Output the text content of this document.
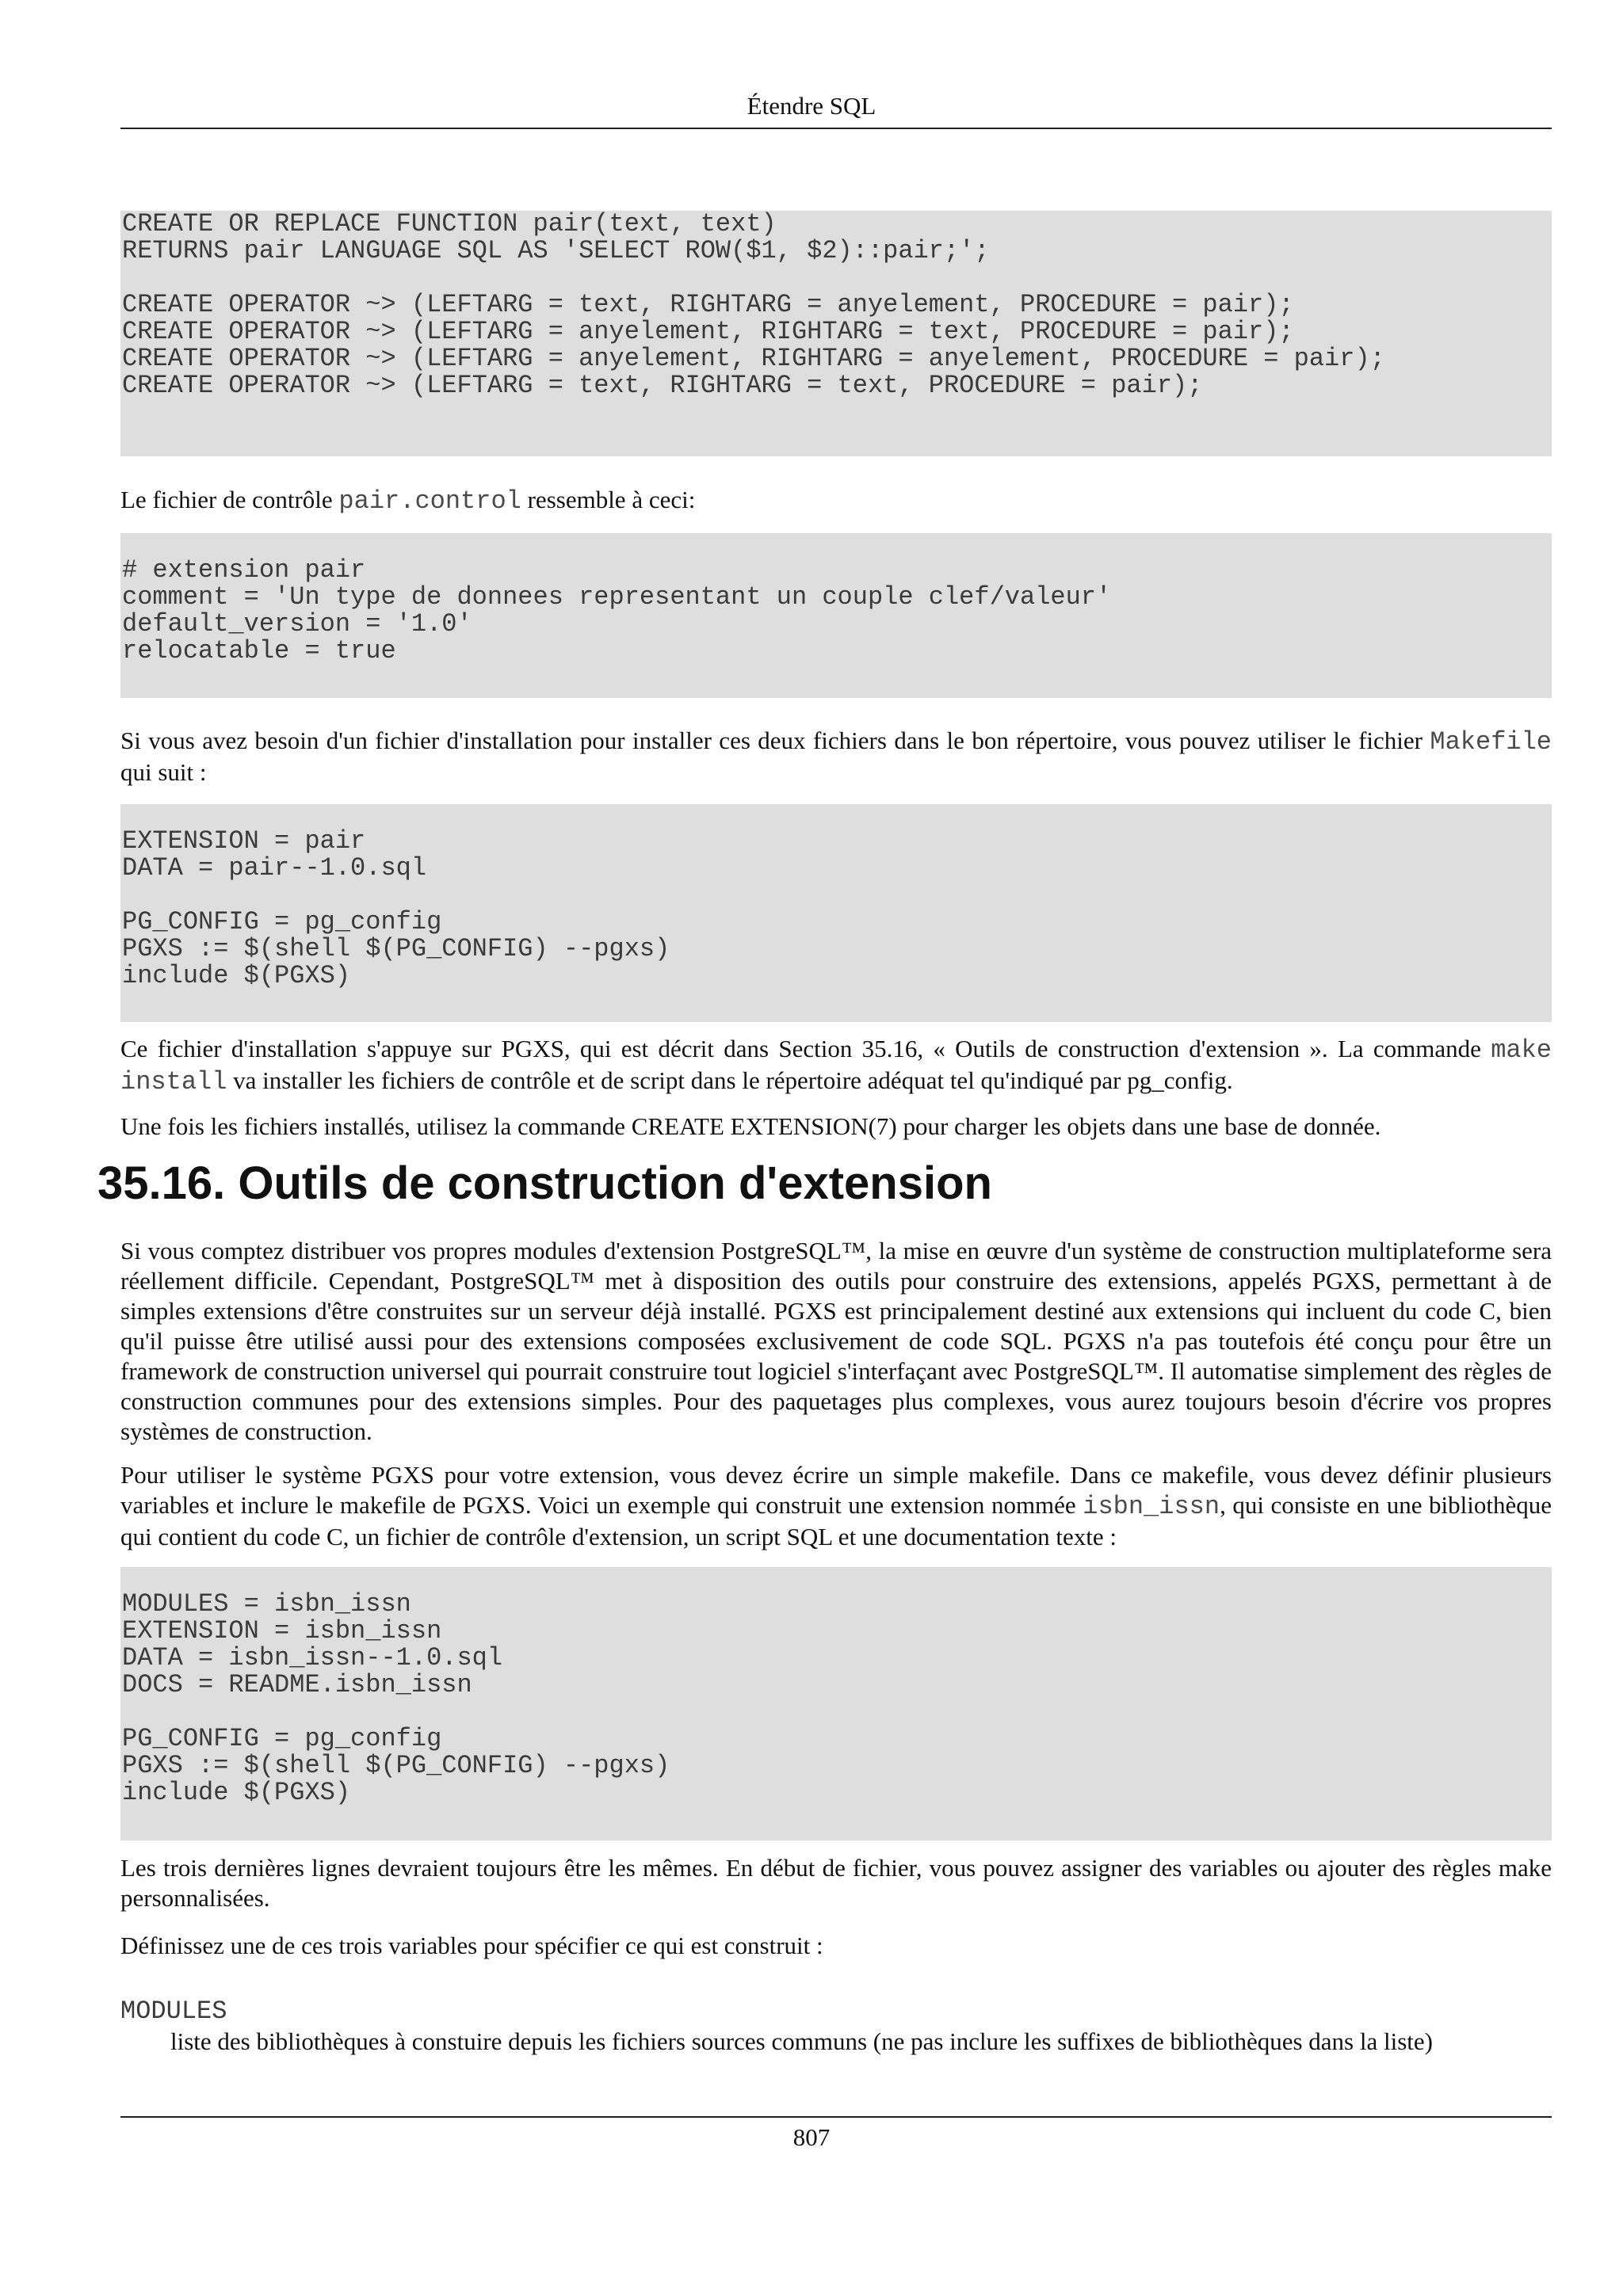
Étendre SQL
CREATE OR REPLACE FUNCTION pair(text, text)
RETURNS pair LANGUAGE SQL AS 'SELECT ROW($1, $2)::pair;';

CREATE OPERATOR ~> (LEFTARG = text, RIGHTARG = anyelement, PROCEDURE = pair);
CREATE OPERATOR ~> (LEFTARG = anyelement, RIGHTARG = text, PROCEDURE = pair);
CREATE OPERATOR ~> (LEFTARG = anyelement, RIGHTARG = anyelement, PROCEDURE = pair);
CREATE OPERATOR ~> (LEFTARG = text, RIGHTARG = text, PROCEDURE = pair);

Le fichier de contrôle pair.control ressemble à ceci:

# extension pair
comment = 'Un type de donnees representant un couple clef/valeur'
default_version = '1.0'
relocatable = true

Si vous avez besoin d'un fichier d'installation pour installer ces deux fichiers dans le bon répertoire, vous pouvez utiliser le fichier Makefile qui suit :

EXTENSION = pair
DATA = pair--1.0.sql

PG_CONFIG = pg_config
PGXS := $(shell $(PG_CONFIG) --pgxs)
include $(PGXS)

Ce fichier d'installation s'appuye sur PGXS, qui est décrit dans Section 35.16, « Outils de construction d'extension ». La commande make install va installer les fichiers de contrôle et de script dans le répertoire adéquat tel qu'indiqué par pg_config.

Une fois les fichiers installés, utilisez la commande CREATE EXTENSION(7) pour charger les objets dans une base de donnée.

35.16. Outils de construction d'extension

Si vous comptez distribuer vos propres modules d'extension PostgreSQL™, la mise en œuvre d'un système de construction multiplateforme sera réellement difficile. Cependant, PostgreSQL™ met à disposition des outils pour construire des extensions, appelés PGXS, permettant à de simples extensions d'être construites sur un serveur déjà installé. PGXS est principalement destiné aux extensions qui incluent du code C, bien qu'il puisse être utilisé aussi pour des extensions composées exclusivement de code SQL. PGXS n'a pas toutefois été conçu pour être un framework de construction universel qui pourrait construire tout logiciel s'interfaçant avec PostgreSQL™. Il automatise simplement des règles de construction communes pour des extensions simples. Pour des paquetages plus complexes, vous aurez toujours besoin d'écrire vos propres systèmes de construction.

Pour utiliser le système PGXS pour votre extension, vous devez écrire un simple makefile. Dans ce makefile, vous devez définir plusieurs variables et inclure le makefile de PGXS. Voici un exemple qui construit une extension nommée isbn_issn, qui consiste en une bibliothèque qui contient du code C, un fichier de contrôle d'extension, un script SQL et une documentation texte :

MODULES = isbn_issn
EXTENSION = isbn_issn
DATA = isbn_issn--1.0.sql
DOCS = README.isbn_issn

PG_CONFIG = pg_config
PGXS := $(shell $(PG_CONFIG) --pgxs)
include $(PGXS)

Les trois dernières lignes devraient toujours être les mêmes. En début de fichier, vous pouvez assigner des variables ou ajouter des règles make personnalisées.

Définissez une de ces trois variables pour spécifier ce qui est construit :

MODULES

liste des bibliothèques à constuire depuis les fichiers sources communs (ne pas inclure les suffixes de bibliothèques dans la liste)

807
